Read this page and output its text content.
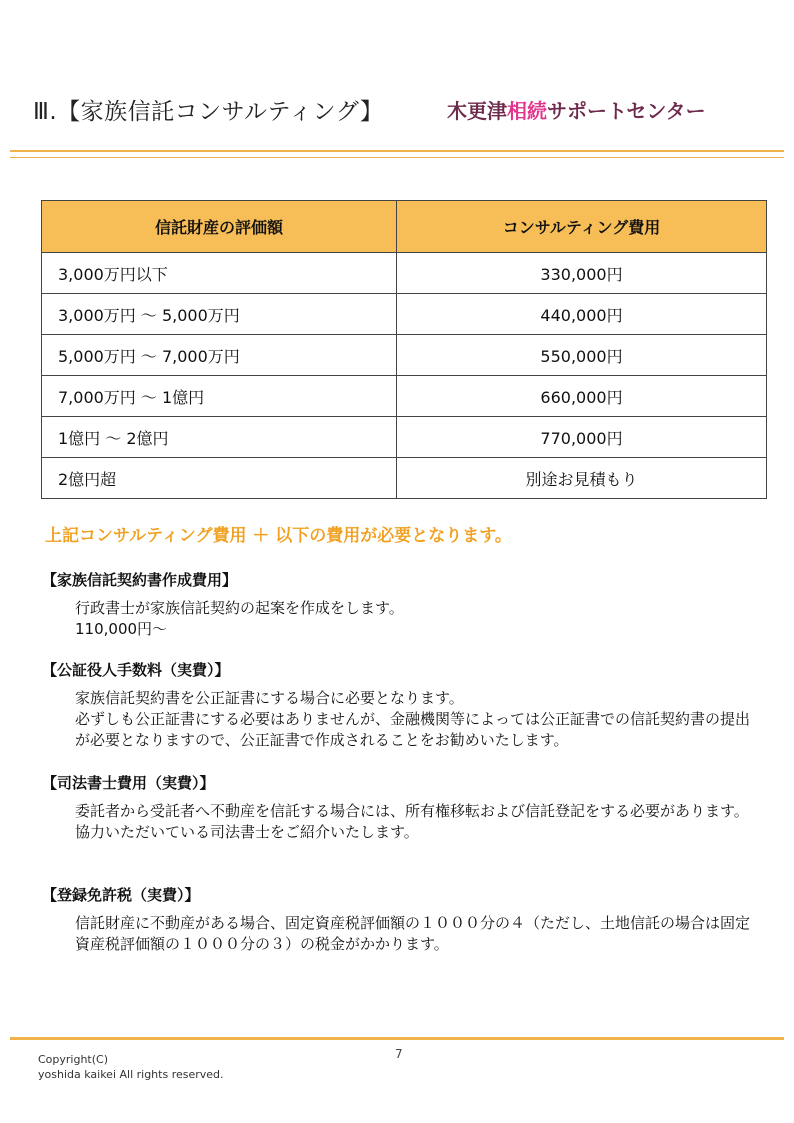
Ⅲ.【家族信託コンサルティング】	木更津相続サポートセンター
信託財産の評価額	コンサルティング費用
3,000万円以下	330,000円
3,000万円 ～ 5,000万円	440,000円
5,000万円 ～ 7,000万円	550,000円
7,000万円 ～ 1億円	660,000円
1億円 ～ 2億円	770,000円
2億円超	別途お見積もり
上記コンサルティング費用 ＋ 以下の費用が必要となります。
【家族信託契約書作成費用】

行政書士が家族信託契約の起案を作成をします。

110,000円～

【公証役人手数料（実費）】

家族信託契約書を公正証書にする場合に必要となります。

必ずしも公正証書にする必要はありませんが、金融機関等によっては公正証書での信託契約書の提出が必要となりますので、公正証書で作成されることをお勧めいたします。

【司法書士費用（実費）】

委託者から受託者へ不動産を信託する場合には、所有権移転および信託登記をする必要があります。

協力いただいている司法書士をご紹介いたします。

【登録免許税（実費）】

信託財産に不動産がある場合、固定資産税評価額の１０００分の４（ただし、土地信託の場合は固定資産税評価額の１０００分の３）の税金がかかります。

7
Copyright(C)
yoshida kaikei All rights reserved.
